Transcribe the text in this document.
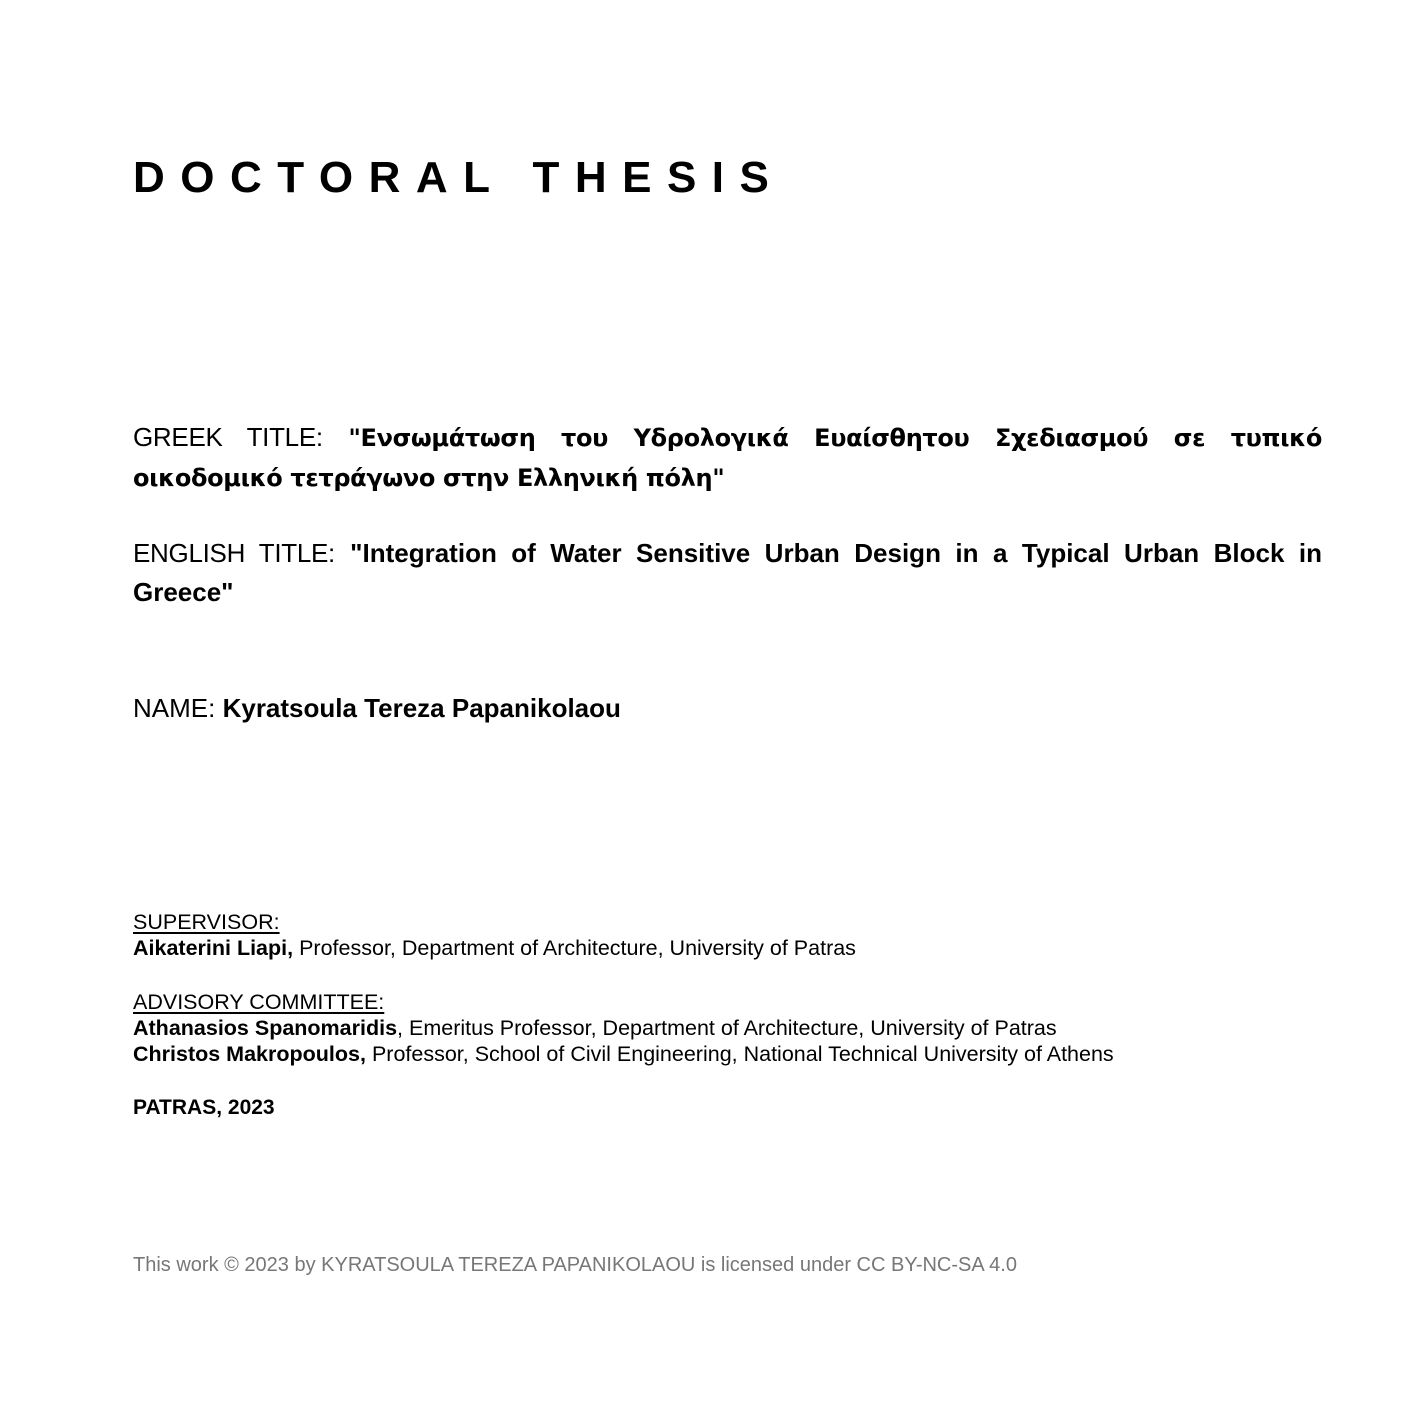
DOCTORAL THESIS

GREEK TITLE: "Ενσωμάτωση του Υδρολογικά Ευαίσθητου Σχεδιασμού σε τυπικό οικοδομικό τετράγωνο στην Ελληνική πόλη"

ENGLISH TITLE: "Integration of Water Sensitive Urban Design in a Typical Urban Block in Greece"

NAME: Kyratsoula Tereza Papanikolaou

SUPERVISOR:
Aikaterini Liapi, Professor, Department of Architecture, University of Patras
ADVISORY COMMITTEE:
Athanasios Spanomaridis, Emeritus Professor, Department of Architecture, University of Patras
Christos Makropoulos, Professor, School of Civil Engineering, National Technical University of Athens

PATRAS, 2023

This work © 2023 by KYRATSOULA TEREZA PAPANIKOLAOU is licensed under CC BY-NC-SA 4.0
